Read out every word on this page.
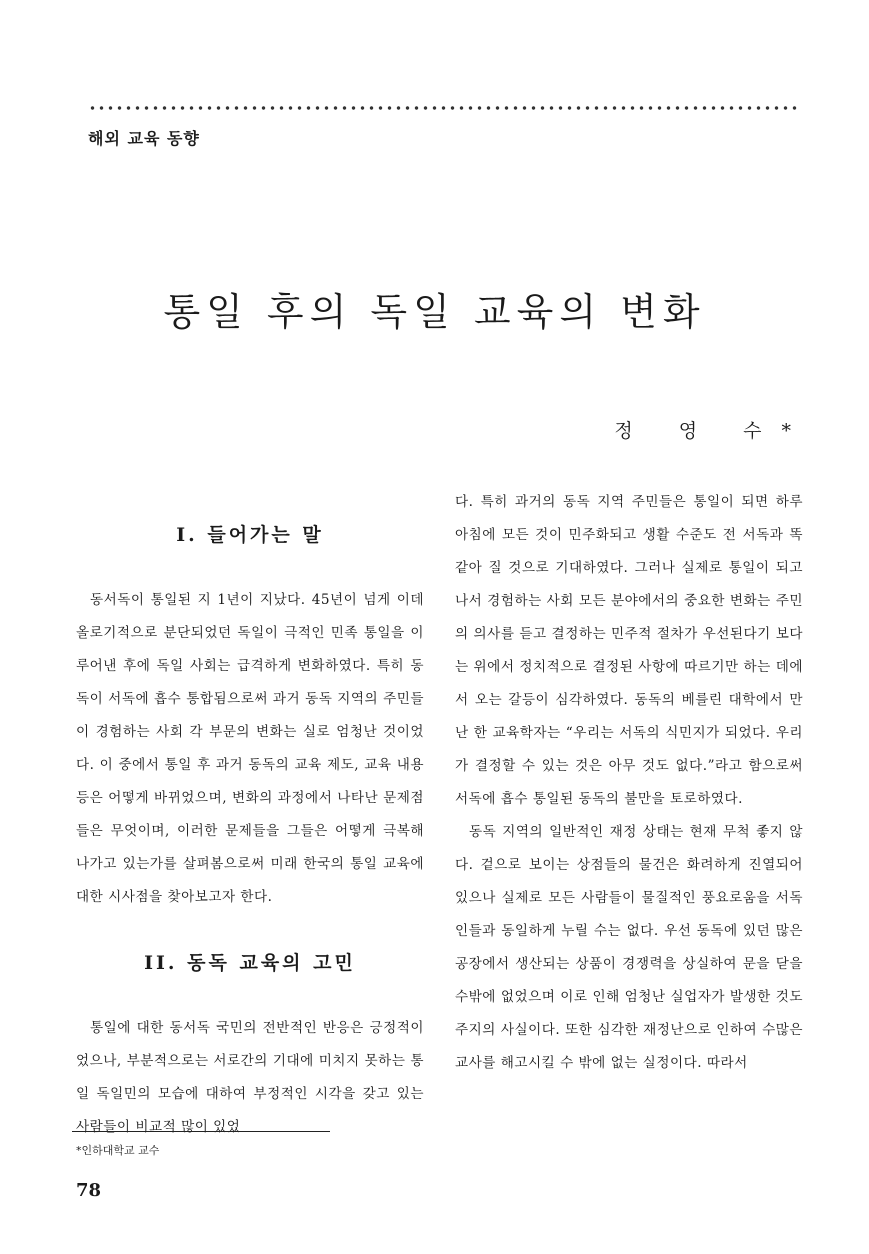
해외 교육 동향
통일 후의 독일 교육의 변화
정 영 수*
I. 들어가는 말

동서독이 통일된 지 1년이 지났다. 45년이 넘게 이데올로기적으로 분단되었던 독일이 극적인 민족 통일을 이루어낸 후에 독일 사회는 급격하게 변화하였다. 특히 동독이 서독에 흡수 통합됨으로써 과거 동독 지역의 주민들이 경험하는 사회 각 부문의 변화는 실로 엄청난 것이었다. 이 중에서 통일 후 과거 동독의 교육 제도, 교육 내용 등은 어떻게 바뀌었으며, 변화의 과정에서 나타난 문제점들은 무엇이며, 이러한 문제들을 그들은 어떻게 극복해 나가고 있는가를 살펴봄으로써 미래 한국의 통일 교육에 대한 시사점을 찾아보고자 한다.

II. 동독 교육의 고민

통일에 대한 동서독 국민의 전반적인 반응은 긍정적이었으나, 부분적으로는 서로간의 기대에 미치지 못하는 통일 독일민의 모습에 대하여 부정적인 시각을 갖고 있는 사람들이 비교적 많이 있었

다. 특히 과거의 동독 지역 주민들은 통일이 되면 하루 아침에 모든 것이 민주화되고 생활 수준도 전 서독과 똑같아 질 것으로 기대하였다. 그러나 실제로 통일이 되고 나서 경험하는 사회 모든 분야에서의 중요한 변화는 주민의 의사를 듣고 결정하는 민주적 절차가 우선된다기 보다는 위에서 정치적으로 결정된 사항에 따르기만 하는 데에서 오는 갈등이 심각하였다. 동독의 베를린 대학에서 만난 한 교육학자는 “우리는 서독의 식민지가 되었다. 우리가 결정할 수 있는 것은 아무 것도 없다.”라고 함으로써 서독에 흡수 통일된 동독의 불만을 토로하였다.

동독 지역의 일반적인 재정 상태는 현재 무척 좋지 않다. 겉으로 보이는 상점들의 물건은 화려하게 진열되어 있으나 실제로 모든 사람들이 물질적인 풍요로움을 서독인들과 동일하게 누릴 수는 없다. 우선 동독에 있던 많은 공장에서 생산되는 상품이 경쟁력을 상실하여 문을 닫을 수밖에 없었으며 이로 인해 엄청난 실업자가 발생한 것도 주지의 사실이다. 또한 심각한 재정난으로 인하여 수많은 교사를 해고시킬 수 밖에 없는 실정이다. 따라서

*인하대학교 교수
78
